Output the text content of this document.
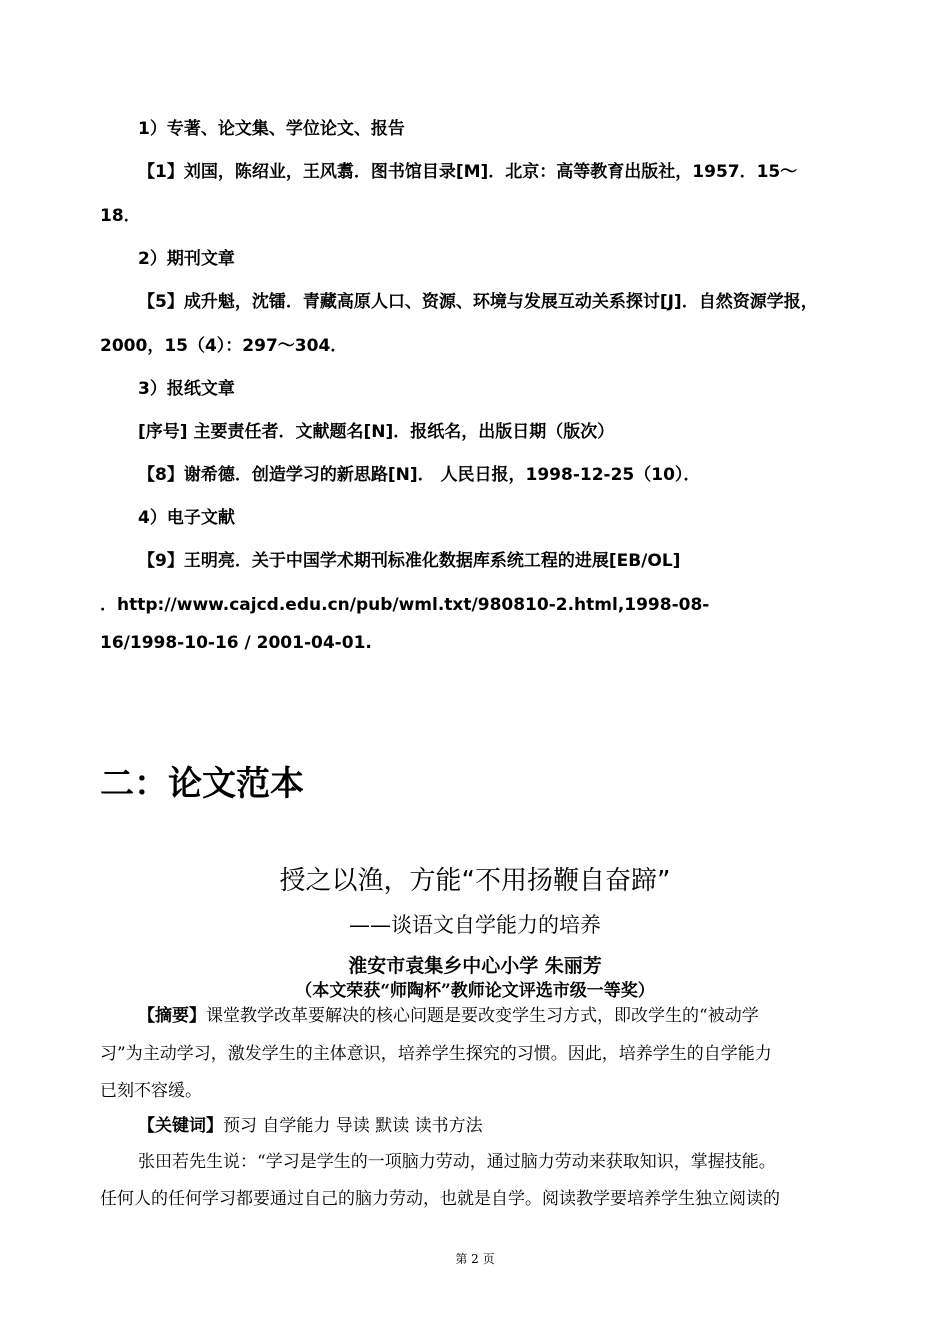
1）专著、论文集、学位论文、报告
【1】刘国，陈绍业，王风翥．图书馆目录[M]．北京：高等教育出版社，1957．15～
18．
2）期刊文章
【5】成升魁，沈镭．青藏高原人口、资源、环境与发展互动关系探讨[J]．自然资源学报，
2000，15（4）：297～304．
3）报纸文章
[序号] 主要责任者．文献题名[N]．报纸名，出版日期（版次）
【8】谢希德．创造学习的新思路[N]． 人民日报，1998-12-25（10）．
4）电子文献
【9】王明亮．关于中国学术期刊标准化数据库系统工程的进展[EB/OL]
．http://www.cajcd.edu.cn/pub/wml.txt/980810-2.html,1998-08-
16/1998-10-16 / 2001-04-01.
二：论文范本
授之以渔，方能“不用扬鞭自奋蹄”
——谈语文自学能力的培养
淮安市袁集乡中心小学 朱丽芳
（本文荣获“师陶杯”教师论文评选市级一等奖）
【摘要】课堂教学改革要解决的核心问题是要改变学生习方式，即改学生的“被动学
习”为主动学习，激发学生的主体意识，培养学生探究的习惯。因此，培养学生的自学能力
已刻不容缓。
【关键词】预习 自学能力 导读 默读 读书方法
张田若先生说：“学习是学生的一项脑力劳动，通过脑力劳动来获取知识，掌握技能。
任何人的任何学习都要通过自己的脑力劳动，也就是自学。阅读教学要培养学生独立阅读的
第 2 页
